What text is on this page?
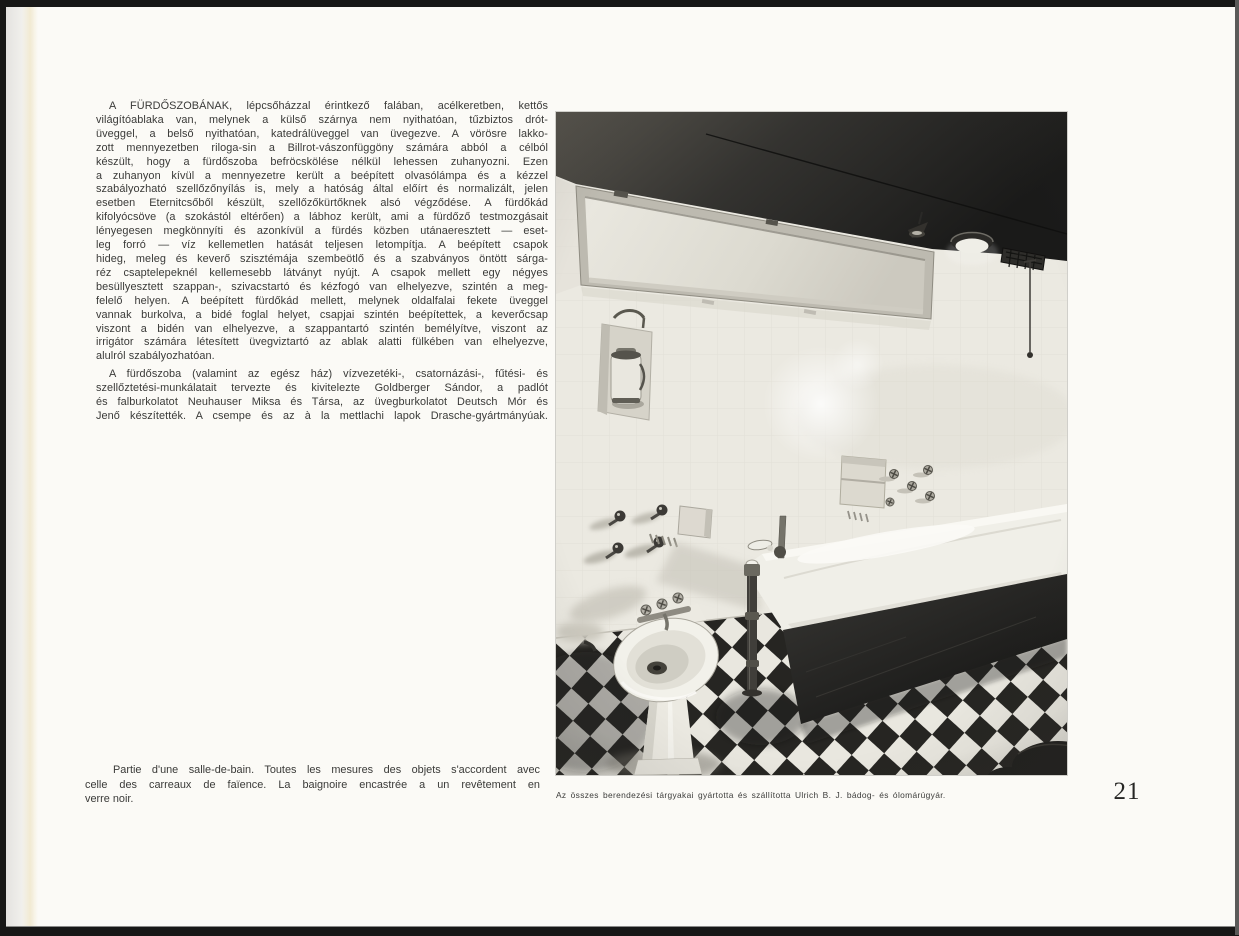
A FÜRDŐSZOBÁNAK, lépcsőházzal érintkező falában, acélkeretben, kettős
világítóablaka van, melynek a külső szárnya nem nyithatóan, tűzbiztos drót-
üveggel, a belső nyithatóan, katedrálüveggel van üvegezve. A vörösre lakko-
zott mennyezetben riloga-sin a Billrot-vászonfüggöny számára abból a célból
készült, hogy a fürdőszoba befröcskölése nélkül lehessen zuhanyozni. Ezen
a zuhanyon kívül a mennyezetre került a beépített olvasólámpa és a kézzel
szabályozható szellőzőnyílás is, mely a hatóság által előírt és normalizált, jelen
esetben Eternitcsőből készült, szellőzőkürtőknek alsó végződése. A fürdőkád
kifolyócsöve (a szokástól eltérően) a lábhoz került, ami a fürdőző testmozgásait
lényegesen megkönnyíti és azonkívül a fürdés közben utánaeresztett — eset-
leg forró — víz kellemetlen hatását teljesen letompítja. A beépített csapok
hideg, meleg és keverő szisztémája szembeötlő és a szabványos öntött sárga-
réz csaptelepeknél kellemesebb látványt nyújt. A csapok mellett egy négyes
besüllyesztett szappan-, szivacstartó és kézfogó van elhelyezve, szintén a meg-
felelő helyen. A beépített fürdőkád mellett, melynek oldalfalai fekete üveggel
vannak burkolva, a bidé foglal helyet, csapjai szintén beépítettek, a keverőcsap
viszont a bidén van elhelyezve, a szappantartó szintén bemélyítve, viszont az
irrigátor számára létesített üvegviztartó az ablak alatti fülkében van elhelyezve,
alulról szabályozhatóan.
A fürdőszoba (valamint az egész ház) vízvezetéki-, csatornázási-, fűtési- és
szellőztetési-munkálatait tervezte és kivitelezte Goldberger Sándor, a padlót
és falburkolatot Neuhauser Miksa és Társa, az üvegburkolatot Deutsch Mór és
Jenő készítették. A csempe és az à la mettlachi lapok Drasche-gyártmányúak.
Partie d'une salle-de-bain. Toutes les mesures des objets s'accordent avec
celle des carreaux de faïence. La baignoire encastrée a un revêtement en
verre noir.	Az összes berendezési tárgyakai gyártotta és szállította Ulrich B. J. bádog- és ólomárúgyár.	21
